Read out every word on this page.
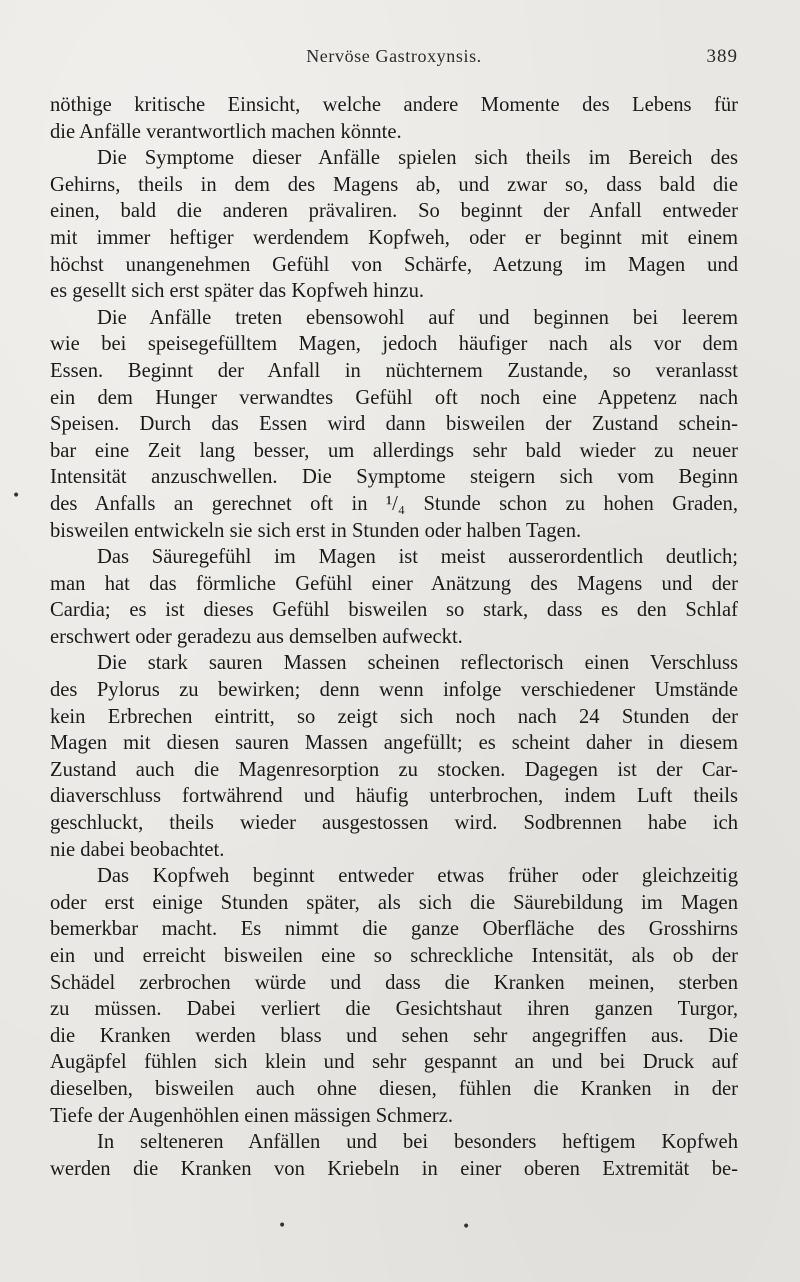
Nervöse Gastroxynsis.	389
nöthige kritische Einsicht, welche andere Momente des Lebens für
die Anfälle verantwortlich machen könnte.
Die Symptome dieser Anfälle spielen sich theils im Bereich des
Gehirns, theils in dem des Magens ab, und zwar so, dass bald die
einen, bald die anderen prävaliren. So beginnt der Anfall entweder
mit immer heftiger werdendem Kopfweh, oder er beginnt mit einem
höchst unangenehmen Gefühl von Schärfe, Aetzung im Magen und
es gesellt sich erst später das Kopfweh hinzu.
Die Anfälle treten ebensowohl auf und beginnen bei leerem
wie bei speisegefülltem Magen, jedoch häufiger nach als vor dem
Essen. Beginnt der Anfall in nüchternem Zustande, so veranlasst
ein dem Hunger verwandtes Gefühl oft noch eine Appetenz nach
Speisen. Durch das Essen wird dann bisweilen der Zustand schein-
bar eine Zeit lang besser, um allerdings sehr bald wieder zu neuer
Intensität anzuschwellen. Die Symptome steigern sich vom Beginn
des Anfalls an gerechnet oft in ¹/₄ Stunde schon zu hohen Graden,
bisweilen entwickeln sie sich erst in Stunden oder halben Tagen.
Das Säuregefühl im Magen ist meist ausserordentlich deutlich;
man hat das förmliche Gefühl einer Anätzung des Magens und der
Cardia; es ist dieses Gefühl bisweilen so stark, dass es den Schlaf
erschwert oder geradezu aus demselben aufweckt.
Die stark sauren Massen scheinen reflectorisch einen Verschluss
des Pylorus zu bewirken; denn wenn infolge verschiedener Umstände
kein Erbrechen eintritt, so zeigt sich noch nach 24 Stunden der
Magen mit diesen sauren Massen angefüllt; es scheint daher in diesem
Zustand auch die Magenresorption zu stocken. Dagegen ist der Car-
diaverschluss fortwährend und häufig unterbrochen, indem Luft theils
geschluckt, theils wieder ausgestossen wird. Sodbrennen habe ich
nie dabei beobachtet.
Das Kopfweh beginnt entweder etwas früher oder gleichzeitig
oder erst einige Stunden später, als sich die Säurebildung im Magen
bemerkbar macht. Es nimmt die ganze Oberfläche des Grosshirns
ein und erreicht bisweilen eine so schreckliche Intensität, als ob der
Schädel zerbrochen würde und dass die Kranken meinen, sterben
zu müssen. Dabei verliert die Gesichtshaut ihren ganzen Turgor,
die Kranken werden blass und sehen sehr angegriffen aus. Die
Augäpfel fühlen sich klein und sehr gespannt an und bei Druck auf
dieselben, bisweilen auch ohne diesen, fühlen die Kranken in der
Tiefe der Augenhöhlen einen mässigen Schmerz.
In selteneren Anfällen und bei besonders heftigem Kopfweh
werden die Kranken von Kriebeln in einer oberen Extremität be-
•
•	•
